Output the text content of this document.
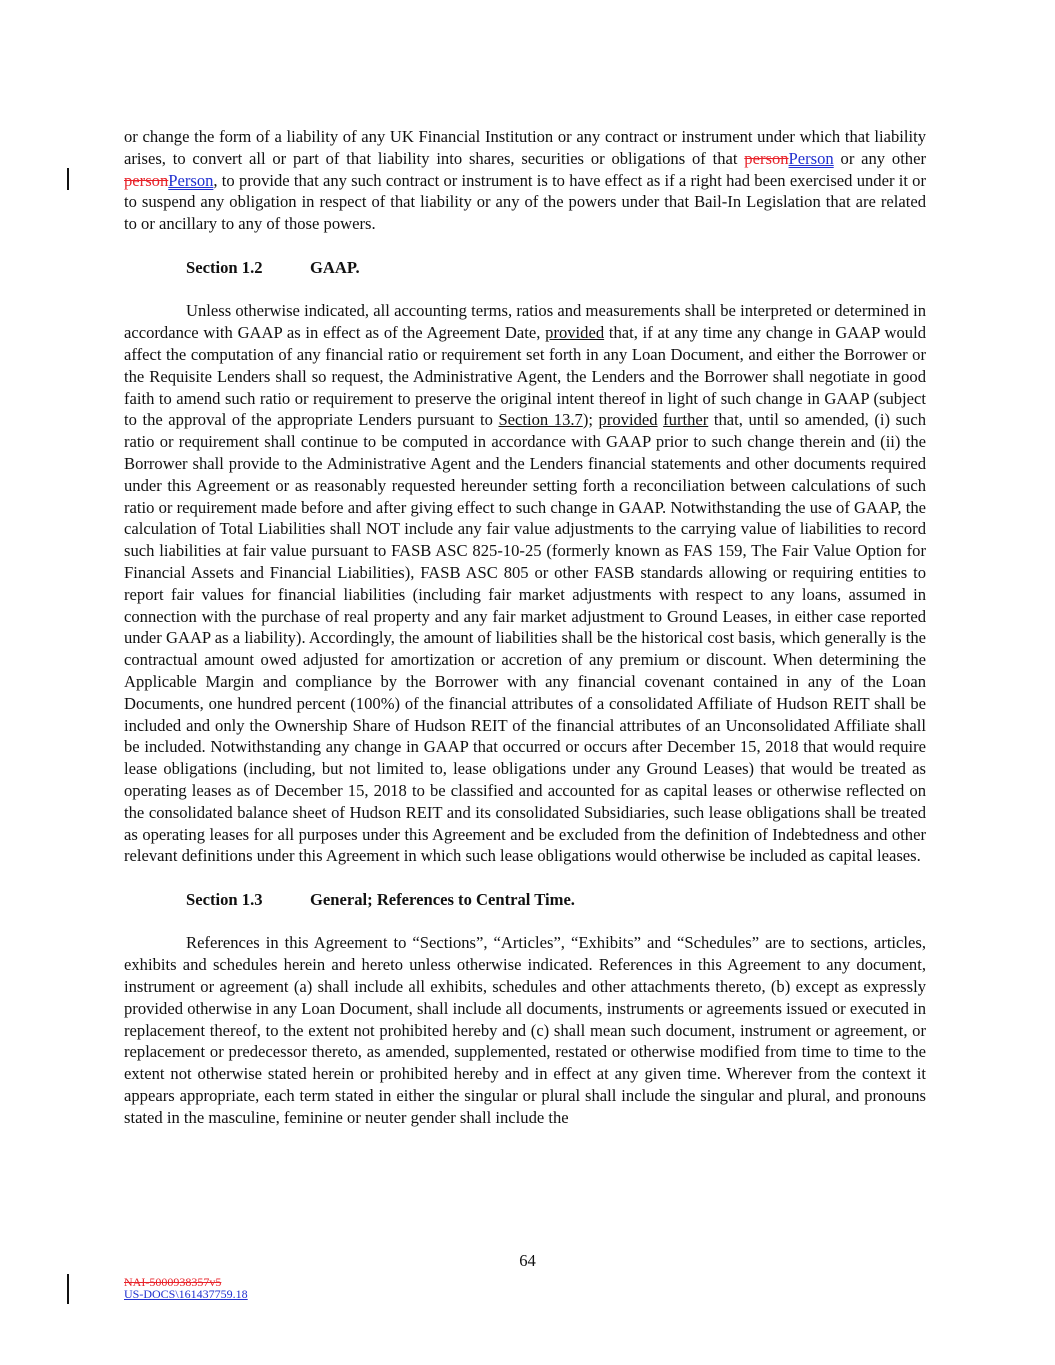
or change the form of a liability of any UK Financial Institution or any contract or instrument under which that liability arises, to convert all or part of that liability into shares, securities or obligations of that personPerson or any other personPerson, to provide that any such contract or instrument is to have effect as if a right had been exercised under it or to suspend any obligation in respect of that liability or any of the powers under that Bail-In Legislation that are related to or ancillary to any of those powers.

Section 1.2	GAAP.

Unless otherwise indicated, all accounting terms, ratios and measurements shall be interpreted or determined in accordance with GAAP as in effect as of the Agreement Date, provided that, if at any time any change in GAAP would affect the computation of any financial ratio or requirement set forth in any Loan Document, and either the Borrower or the Requisite Lenders shall so request, the Administrative Agent, the Lenders and the Borrower shall negotiate in good faith to amend such ratio or requirement to preserve the original intent thereof in light of such change in GAAP (subject to the approval of the appropriate Lenders pursuant to Section 13.7); provided further that, until so amended, (i) such ratio or requirement shall continue to be computed in accordance with GAAP prior to such change therein and (ii) the Borrower shall provide to the Administrative Agent and the Lenders financial statements and other documents required under this Agreement or as reasonably requested hereunder setting forth a reconciliation between calculations of such ratio or requirement made before and after giving effect to such change in GAAP. Notwithstanding the use of GAAP, the calculation of Total Liabilities shall NOT include any fair value adjustments to the carrying value of liabilities to record such liabilities at fair value pursuant to FASB ASC 825-10-25 (formerly known as FAS 159, The Fair Value Option for Financial Assets and Financial Liabilities), FASB ASC 805 or other FASB standards allowing or requiring entities to report fair values for financial liabilities (including fair market adjustments with respect to any loans, assumed in connection with the purchase of real property and any fair market adjustment to Ground Leases, in either case reported under GAAP as a liability). Accordingly, the amount of liabilities shall be the historical cost basis, which generally is the contractual amount owed adjusted for amortization or accretion of any premium or discount. When determining the Applicable Margin and compliance by the Borrower with any financial covenant contained in any of the Loan Documents, one hundred percent (100%) of the financial attributes of a consolidated Affiliate of Hudson REIT shall be included and only the Ownership Share of Hudson REIT of the financial attributes of an Unconsolidated Affiliate shall be included. Notwithstanding any change in GAAP that occurred or occurs after December 15, 2018 that would require lease obligations (including, but not limited to, lease obligations under any Ground Leases) that would be treated as operating leases as of December 15, 2018 to be classified and accounted for as capital leases or otherwise reflected on the consolidated balance sheet of Hudson REIT and its consolidated Subsidiaries, such lease obligations shall be treated as operating leases for all purposes under this Agreement and be excluded from the definition of Indebtedness and other relevant definitions under this Agreement in which such lease obligations would otherwise be included as capital leases.

Section 1.3	General; References to Central Time.

References in this Agreement to “Sections”, “Articles”, “Exhibits” and “Schedules” are to sections, articles, exhibits and schedules herein and hereto unless otherwise indicated. References in this Agreement to any document, instrument or agreement (a) shall include all exhibits, schedules and other attachments thereto, (b) except as expressly provided otherwise in any Loan Document, shall include all documents, instruments or agreements issued or executed in replacement thereof, to the extent not prohibited hereby and (c) shall mean such document, instrument or agreement, or replacement or predecessor thereto, as amended, supplemented, restated or otherwise modified from time to time to the extent not otherwise stated herein or prohibited hereby and in effect at any given time. Wherever from the context it appears appropriate, each term stated in either the singular or plural shall include the singular and plural, and pronouns stated in the masculine, feminine or neuter gender shall include the

64
NAI-5000938357v5
US-DOCS\161437759.18
